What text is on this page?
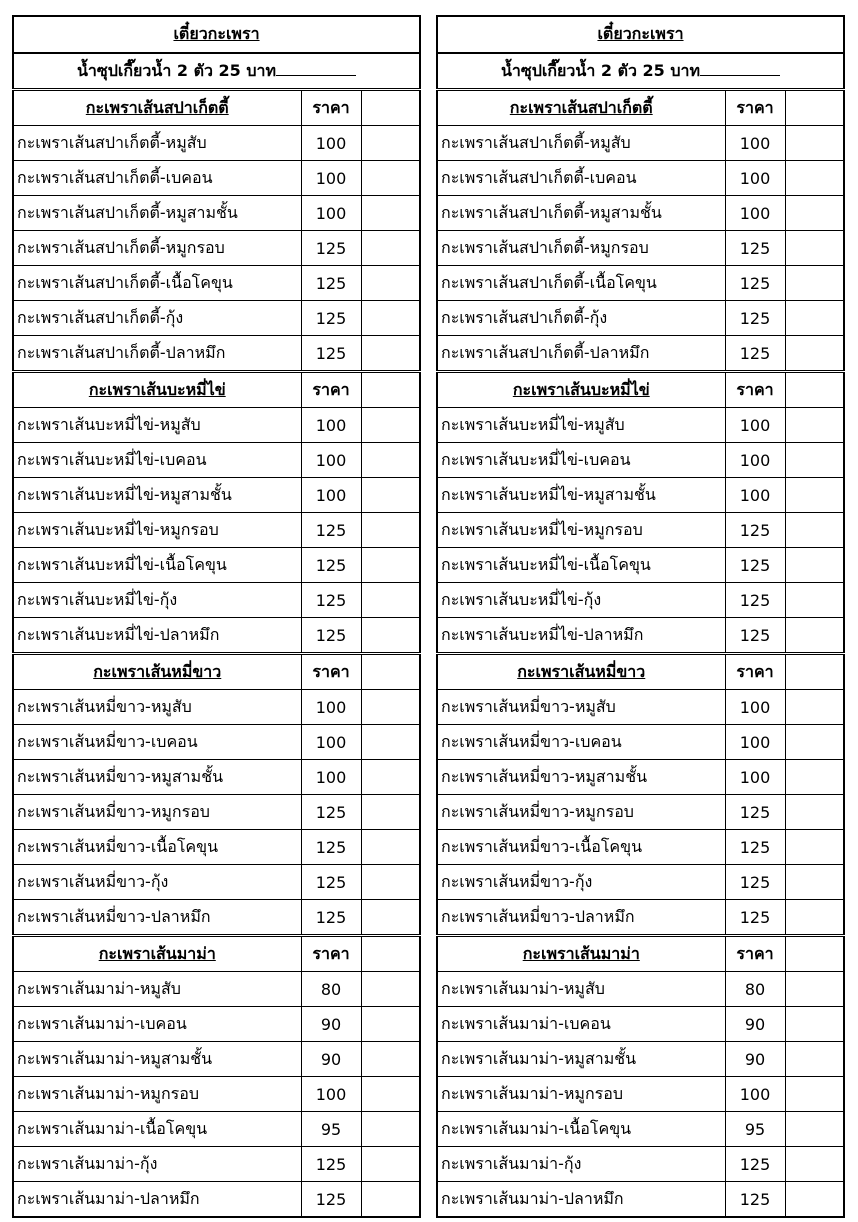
เตี๋ยวกะเพรา		
น้ำซุปเกี๊ยวน้ำ 2 ตัว 25 บาท		
กะเพราเส้นสปาเก็ตตี้	ราคา	
กะเพราเส้นสปาเก็ตตี้-หมูสับ	100	
กะเพราเส้นสปาเก็ตตี้-เบคอน	100	
กะเพราเส้นสปาเก็ตตี้-หมูสามชั้น	100	
กะเพราเส้นสปาเก็ตตี้-หมูกรอบ	125	
กะเพราเส้นสปาเก็ตตี้-เนื้อโคขุน	125	
กะเพราเส้นสปาเก็ตตี้-กุ้ง	125	
กะเพราเส้นสปาเก็ตตี้-ปลาหมึก	125	
กะเพราเส้นบะหมี่ไข่	ราคา	
กะเพราเส้นบะหมี่ไข่-หมูสับ	100	
กะเพราเส้นบะหมี่ไข่-เบคอน	100	
กะเพราเส้นบะหมี่ไข่-หมูสามชั้น	100	
กะเพราเส้นบะหมี่ไข่-หมูกรอบ	125	
กะเพราเส้นบะหมี่ไข่-เนื้อโคขุน	125	
กะเพราเส้นบะหมี่ไข่-กุ้ง	125	
กะเพราเส้นบะหมี่ไข่-ปลาหมึก	125	
กะเพราเส้นหมี่ขาว	ราคา	
กะเพราเส้นหมี่ขาว-หมูสับ	100	
กะเพราเส้นหมี่ขาว-เบคอน	100	
กะเพราเส้นหมี่ขาว-หมูสามชั้น	100	
กะเพราเส้นหมี่ขาว-หมูกรอบ	125	
กะเพราเส้นหมี่ขาว-เนื้อโคขุน	125	
กะเพราเส้นหมี่ขาว-กุ้ง	125	
กะเพราเส้นหมี่ขาว-ปลาหมึก	125	
กะเพราเส้นมาม่า	ราคา	
กะเพราเส้นมาม่า-หมูสับ	80	
กะเพราเส้นมาม่า-เบคอน	90	
กะเพราเส้นมาม่า-หมูสามชั้น	90	
กะเพราเส้นมาม่า-หมูกรอบ	100	
กะเพราเส้นมาม่า-เนื้อโคขุน	95	
กะเพราเส้นมาม่า-กุ้ง	125	
กะเพราเส้นมาม่า-ปลาหมึก	125	
เตี๋ยวกะเพรา		
น้ำซุปเกี๊ยวน้ำ 2 ตัว 25 บาท		
กะเพราเส้นสปาเก็ตตี้	ราคา	
กะเพราเส้นสปาเก็ตตี้-หมูสับ	100	
กะเพราเส้นสปาเก็ตตี้-เบคอน	100	
กะเพราเส้นสปาเก็ตตี้-หมูสามชั้น	100	
กะเพราเส้นสปาเก็ตตี้-หมูกรอบ	125	
กะเพราเส้นสปาเก็ตตี้-เนื้อโคขุน	125	
กะเพราเส้นสปาเก็ตตี้-กุ้ง	125	
กะเพราเส้นสปาเก็ตตี้-ปลาหมึก	125	
กะเพราเส้นบะหมี่ไข่	ราคา	
กะเพราเส้นบะหมี่ไข่-หมูสับ	100	
กะเพราเส้นบะหมี่ไข่-เบคอน	100	
กะเพราเส้นบะหมี่ไข่-หมูสามชั้น	100	
กะเพราเส้นบะหมี่ไข่-หมูกรอบ	125	
กะเพราเส้นบะหมี่ไข่-เนื้อโคขุน	125	
กะเพราเส้นบะหมี่ไข่-กุ้ง	125	
กะเพราเส้นบะหมี่ไข่-ปลาหมึก	125	
กะเพราเส้นหมี่ขาว	ราคา	
กะเพราเส้นหมี่ขาว-หมูสับ	100	
กะเพราเส้นหมี่ขาว-เบคอน	100	
กะเพราเส้นหมี่ขาว-หมูสามชั้น	100	
กะเพราเส้นหมี่ขาว-หมูกรอบ	125	
กะเพราเส้นหมี่ขาว-เนื้อโคขุน	125	
กะเพราเส้นหมี่ขาว-กุ้ง	125	
กะเพราเส้นหมี่ขาว-ปลาหมึก	125	
กะเพราเส้นมาม่า	ราคา	
กะเพราเส้นมาม่า-หมูสับ	80	
กะเพราเส้นมาม่า-เบคอน	90	
กะเพราเส้นมาม่า-หมูสามชั้น	90	
กะเพราเส้นมาม่า-หมูกรอบ	100	
กะเพราเส้นมาม่า-เนื้อโคขุน	95	
กะเพราเส้นมาม่า-กุ้ง	125	
กะเพราเส้นมาม่า-ปลาหมึก	125	
